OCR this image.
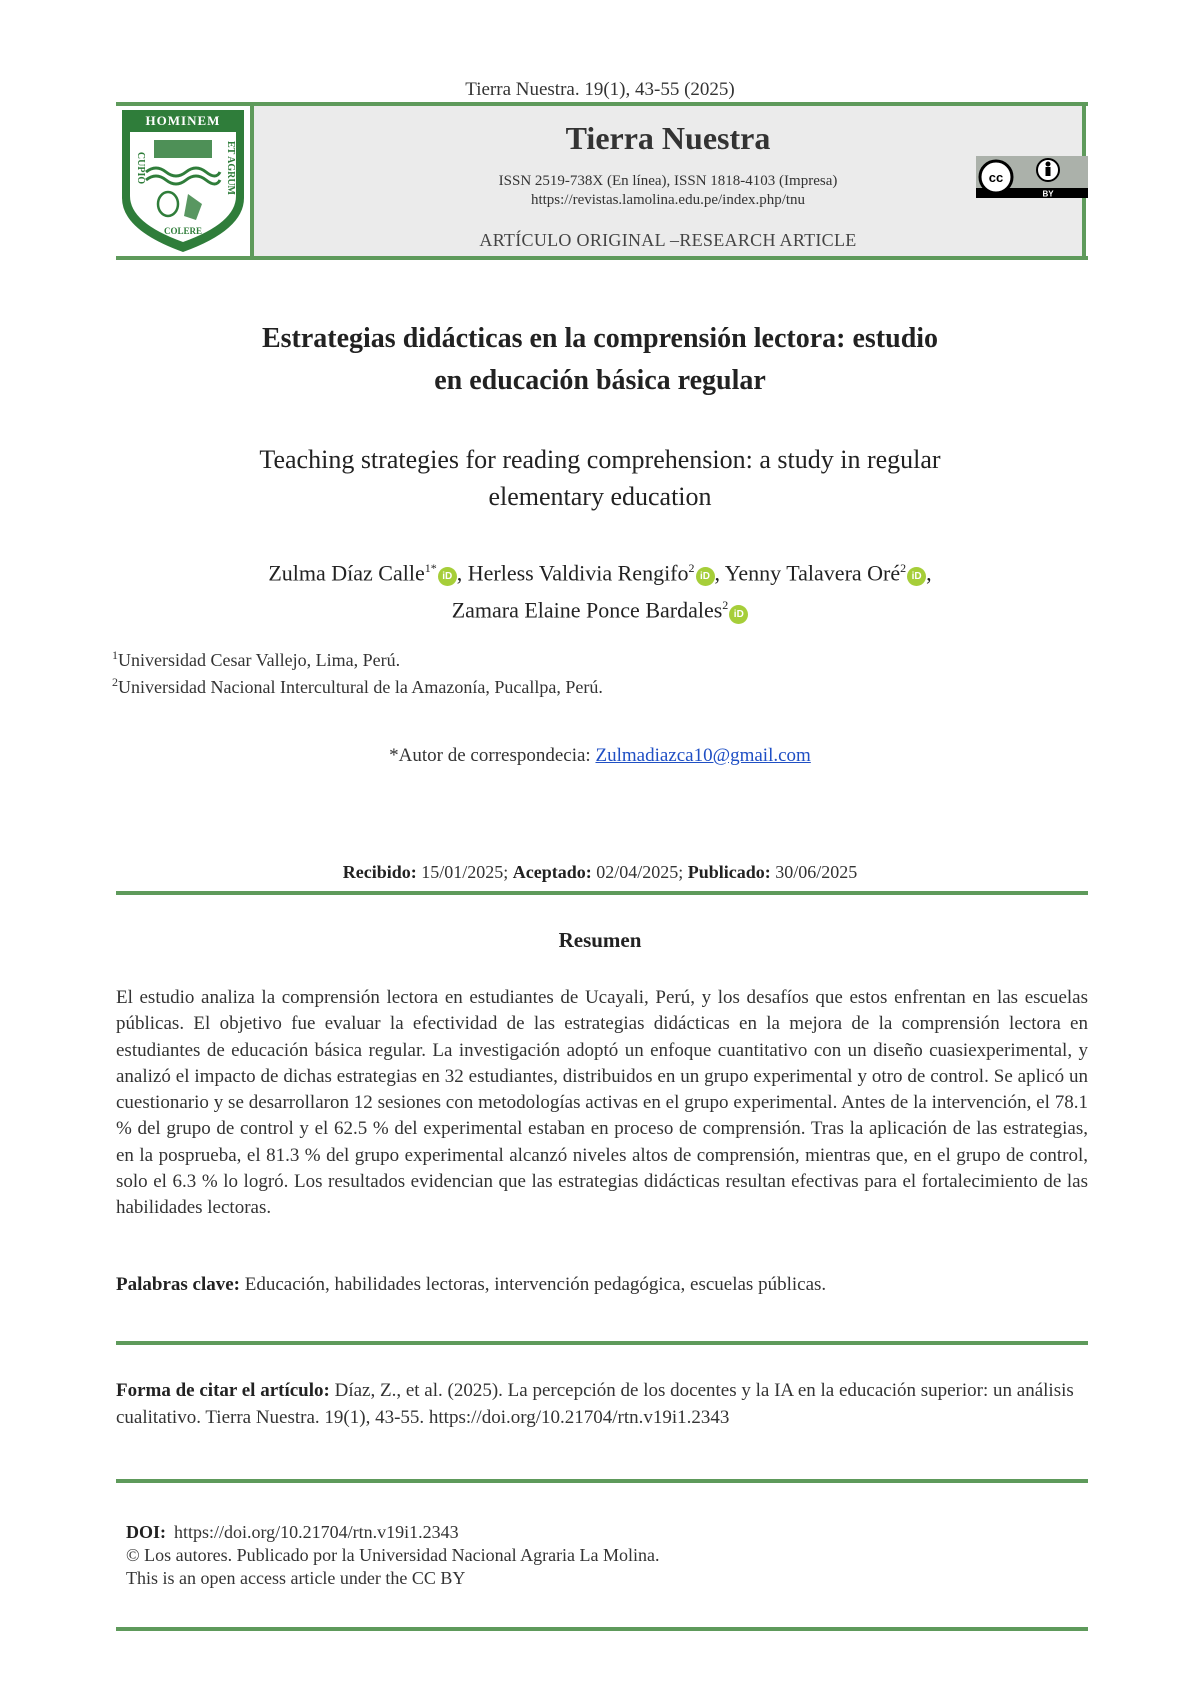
Tierra Nuestra. 19(1), 43-55 (2025)
HOMINEM
CUPIO	ET AGRUM
COLERE
Tierra Nuestra
ISSN 2519-738X (En línea), ISSN 1818-4103 (Impresa)
https://revistas.lamolina.edu.pe/index.php/tnu
ARTÍCULO ORIGINAL –RESEARCH ARTICLE
cc
BY
Estrategias didácticas en la comprensión lectora: estudio
en educación básica regular
Teaching strategies for reading comprehension: a study in regular
elementary education
Zulma Díaz Calle$^{1*}$iD , Herless Valdivia Rengifo$^2$iD , Yenny Talavera Oré$^2$iD ,
Zamara Elaine Ponce Bardales$^2$iD
$^1$Universidad Cesar Vallejo, Lima, Perú.
$^2$Universidad Nacional Intercultural de la Amazonía, Pucallpa, Perú.
*Autor de correspondecia: Zulmadiazca10@gmail.com
Recibido: 15/01/2025; Aceptado: 02/04/2025; Publicado: 30/06/2025
Resumen

El estudio analiza la comprensión lectora en estudiantes de Ucayali, Perú, y los desafíos que estos enfrentan en las escuelas públicas. El objetivo fue evaluar la efectividad de las estrategias didácticas en la mejora de la comprensión lectora en estudiantes de educación básica regular. La investigación adoptó un enfoque cuantitativo con un diseño cuasiexperimental, y analizó el impacto de dichas estrategias en 32 estudiantes, distribuidos en un grupo experimental y otro de control. Se aplicó un cuestionario y se desarrollaron 12 sesiones con metodologías activas en el grupo experimental. Antes de la intervención, el 78.1 % del grupo de control y el 62.5 % del experimental estaban en proceso de comprensión. Tras la aplicación de las estrategias, en la posprueba, el 81.3 % del grupo experimental alcanzó niveles altos de comprensión, mientras que, en el grupo de control, solo el 6.3 % lo logró. Los resultados evidencian que las estrategias didácticas resultan efectivas para el fortalecimiento de las habilidades lectoras.

Palabras clave: Educación, habilidades lectoras, intervención pedagógica, escuelas públicas.
Forma de citar el artículo: Díaz, Z., et al. (2025). La percepción de los docentes y la IA en la educación superior: un análisis cualitativo. Tierra Nuestra. 19(1), 43-55. https://doi.org/10.21704/rtn.v19i1.2343
DOI: https://doi.org/10.21704/rtn.v19i1.2343
© Los autores. Publicado por la Universidad Nacional Agraria La Molina.
This is an open access article under the CC BY
